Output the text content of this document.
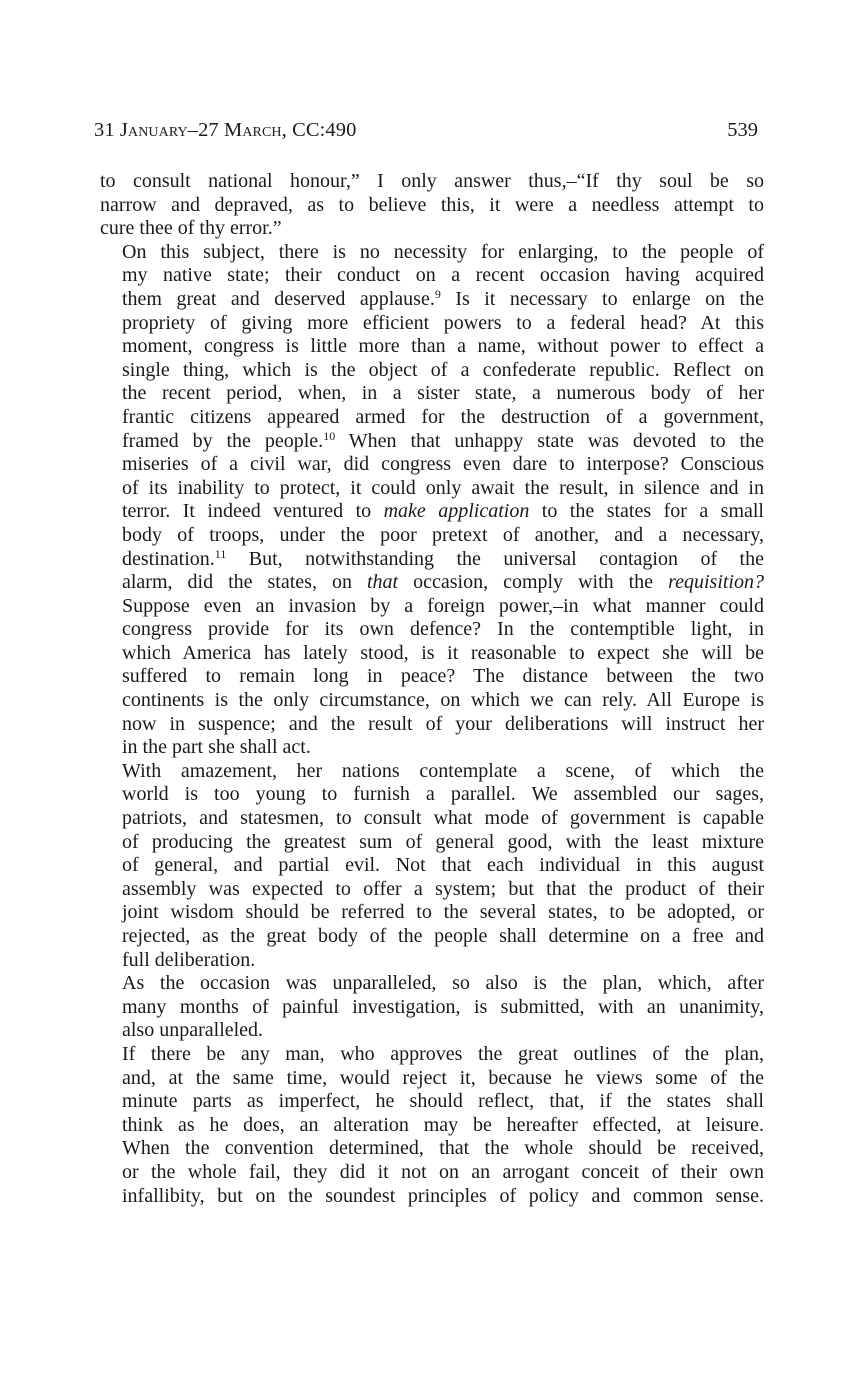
31 January–27 March, CC:490	539

to consult national honour,” I only answer thus,–“If thy soul be so
narrow and depraved, as to believe this, it were a needless attempt to
cure thee of thy error.”

On this subject, there is no necessity for enlarging, to the people of
my native state; their conduct on a recent occasion having acquired
them great and deserved applause.$^9$ Is it necessary to enlarge on the
propriety of giving more efficient powers to a federal head? At this
moment, congress is little more than a name, without power to effect a
single thing, which is the object of a confederate republic. Reflect on
the recent period, when, in a sister state, a numerous body of her
frantic citizens appeared armed for the destruction of a government,
framed by the people.$^{10}$ When that unhappy state was devoted to the
miseries of a civil war, did congress even dare to interpose? Conscious
of its inability to protect, it could only await the result, in silence and in
terror. It indeed ventured to make application to the states for a small
body of troops, under the poor pretext of another, and a necessary,
destination.$^{11}$ But, notwithstanding the universal contagion of the
alarm, did the states, on that occasion, comply with the requisition?
Suppose even an invasion by a foreign power,–in what manner could
congress provide for its own defence? In the contemptible light, in
which America has lately stood, is it reasonable to expect she will be
suffered to remain long in peace? The distance between the two
continents is the only circumstance, on which we can rely. All Europe is
now in suspence; and the result of your deliberations will instruct her
in the part she shall act.

With amazement, her nations contemplate a scene, of which the
world is too young to furnish a parallel. We assembled our sages,
patriots, and statesmen, to consult what mode of government is capable
of producing the greatest sum of general good, with the least mixture
of general, and partial evil. Not that each individual in this august
assembly was expected to offer a system; but that the product of their
joint wisdom should be referred to the several states, to be adopted, or
rejected, as the great body of the people shall determine on a free and
full deliberation.

As the occasion was unparalleled, so also is the plan, which, after
many months of painful investigation, is submitted, with an unanimity,
also unparalleled.

If there be any man, who approves the great outlines of the plan,
and, at the same time, would reject it, because he views some of the
minute parts as imperfect, he should reflect, that, if the states shall
think as he does, an alteration may be hereafter effected, at leisure.
When the convention determined, that the whole should be received,
or the whole fail, they did it not on an arrogant conceit of their own
infallibity, but on the soundest principles of policy and common sense.
